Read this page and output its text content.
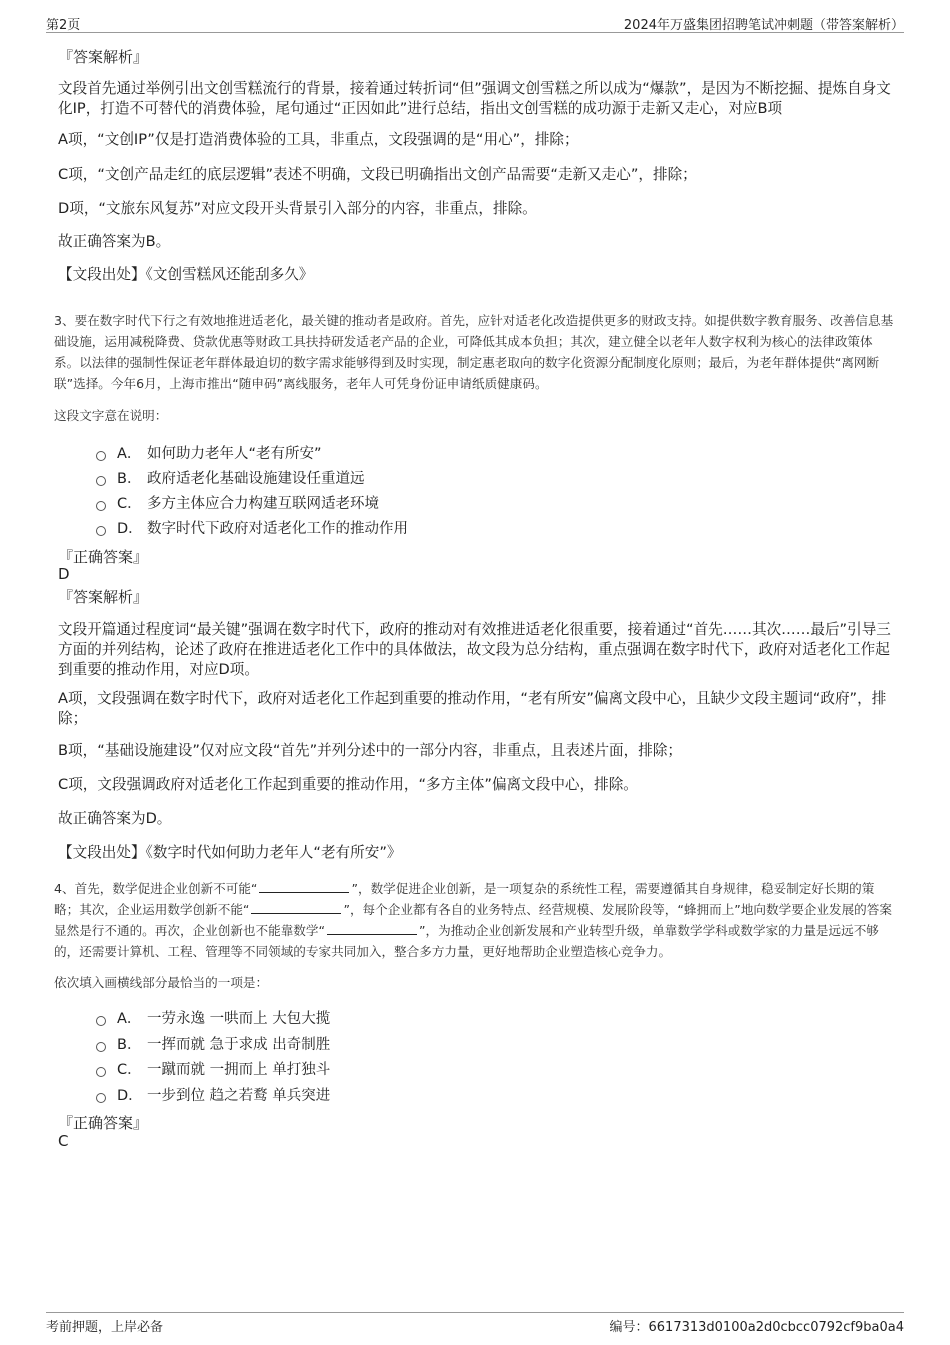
第2页	2024年万盛集团招聘笔试冲刺题（带答案解析）
『答案解析』
文段首先通过举例引出文创雪糕流行的背景，接着通过转折词“但”强调文创雪糕之所以成为“爆款”，是因为不断挖掘、提炼自身文化IP，打造不可替代的消费体验，尾句通过“正因如此”进行总结，指出文创雪糕的成功源于走新又走心，对应B项
A项，“文创IP”仅是打造消费体验的工具，非重点，文段强调的是“用心”，排除；
C项，“文创产品走红的底层逻辑”表述不明确，文段已明确指出文创产品需要“走新又走心”，排除；
D项，“文旅东风复苏”对应文段开头背景引入部分的内容，非重点，排除。
故正确答案为B。
【文段出处】《文创雪糕风还能刮多久》
3、要在数字时代下行之有效地推进适老化，最关键的推动者是政府。首先，应针对适老化改造提供更多的财政支持。如提供数字教育服务、改善信息基础设施，运用减税降费、贷款优惠等财政工具扶持研发适老产品的企业，可降低其成本负担；其次，建立健全以老年人数字权利为核心的法律政策体系。以法律的强制性保证老年群体最迫切的数字需求能够得到及时实现，制定惠老取向的数字化资源分配制度化原则；最后，为老年群体提供“离网断联”选择。今年6月，上海市推出“随申码”离线服务，老年人可凭身份证申请纸质健康码。
这段文字意在说明：
A． 如何助力老年人“老有所安”
B． 政府适老化基础设施建设任重道远
C． 多方主体应合力构建互联网适老环境
D． 数字时代下政府对适老化工作的推动作用
『正确答案』
D
『答案解析』
文段开篇通过程度词“最关键”强调在数字时代下，政府的推动对有效推进适老化很重要，接着通过“首先……其次……最后”引导三方面的并列结构，论述了政府在推进适老化工作中的具体做法，故文段为总分结构，重点强调在数字时代下，政府对适老化工作起到重要的推动作用，对应D项。
A项，文段强调在数字时代下，政府对适老化工作起到重要的推动作用，“老有所安”偏离文段中心，且缺少文段主题词“政府”，排除；
B项，“基础设施建设”仅对应文段“首先”并列分述中的一部分内容，非重点，且表述片面，排除；
C项，文段强调政府对适老化工作起到重要的推动作用，“多方主体”偏离文段中心，排除。
故正确答案为D。
【文段出处】《数字时代如何助力老年人“老有所安”》
4、首先，数学促进企业创新不可能“	”，数学促进企业创新，是一项复杂的系统性工程，需要遵循其自身规律，稳妥制定好长期的策略；其次，企业运用数学创新不能“	”，每个企业都有各自的业务特点、经营规模、发展阶段等，“蜂拥而上”地向数学要企业发展的答案显然是行不通的。再次，企业创新也不能靠数学“	”，为推动企业创新发展和产业转型升级，单靠数学学科或数学家的力量是远远不够的，还需要计算机、工程、管理等不同领域的专家共同加入，整合多方力量，更好地帮助企业塑造核心竞争力。
依次填入画横线部分最恰当的一项是：
A． 一劳永逸 一哄而上 大包大揽
B． 一挥而就 急于求成 出奇制胜
C． 一蹴而就 一拥而上 单打独斗
D． 一步到位 趋之若鹜 单兵突进
『正确答案』
C
考前押题，上岸必备	编号：6617313d0100a2d0cbcc0792cf9ba0a4
